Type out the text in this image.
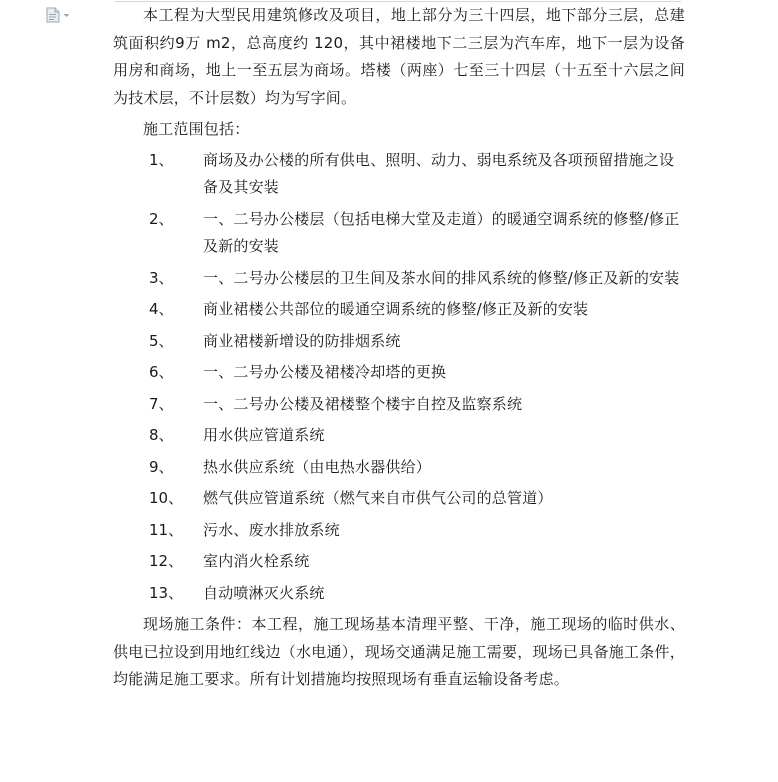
本工程为大型民用建筑修改及项目，地上部分为三十四层，地下部分三层，总建筑面积约9万 m2，总高度约 120，其中裙楼地下二三层为汽车库，地下一层为设备用房和商场，地上一至五层为商场。塔楼（两座）七至三十四层（十五至十六层之间为技术层，不计层数）均为写字间。

施工范围包括：

1、	商场及办公楼的所有供电、照明、动力、弱电系统及各项预留措施之设备及其安装
2、	一、二号办公楼层（包括电梯大堂及走道）的暖通空调系统的修整/修正及新的安装
3、	一、二号办公楼层的卫生间及茶水间的排风系统的修整/修正及新的安装
4、	商业裙楼公共部位的暖通空调系统的修整/修正及新的安装
5、	商业裙楼新增设的防排烟系统
6、	一、二号办公楼及裙楼冷却塔的更换
7、	一、二号办公楼及裙楼整个楼宇自控及监察系统
8、	用水供应管道系统
9、	热水供应系统（由电热水器供给）
10、	燃气供应管道系统（燃气来自市供气公司的总管道）
11、	污水、废水排放系统
12、	室内消火栓系统
13、	自动喷淋灭火系统

现场施工条件：本工程，施工现场基本清理平整、干净，施工现场的临时供水、供电已拉设到用地红线边（水电通），现场交通满足施工需要，现场已具备施工条件，均能满足施工要求。所有计划措施均按照现场有垂直运输设备考虑。
